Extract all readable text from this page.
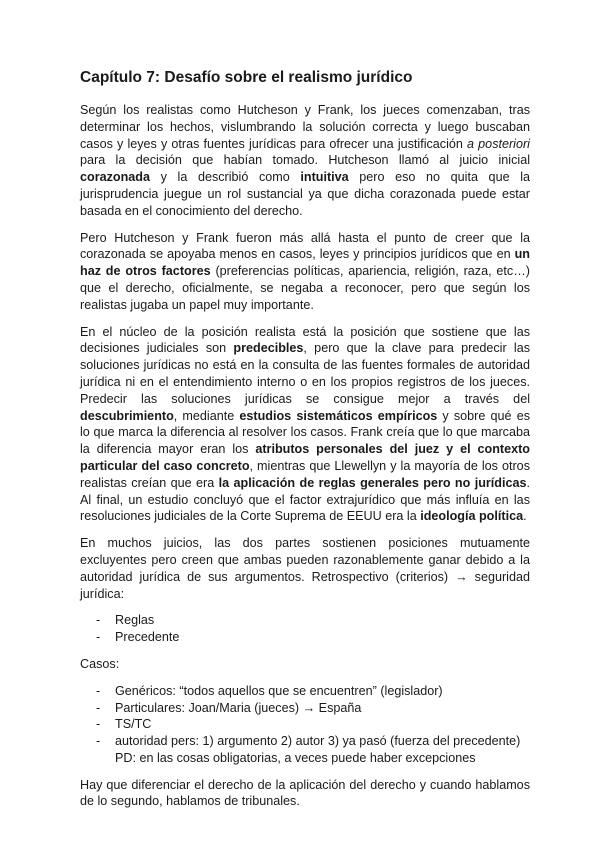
Capítulo 7: Desafío sobre el realismo jurídico

Según los realistas como Hutcheson y Frank, los jueces comenzaban, tras determinar los hechos, vislumbrando la solución correcta y luego buscaban casos y leyes y otras fuentes jurídicas para ofrecer una justificación a posteriori para la decisión que habían tomado. Hutcheson llamó al juicio inicial corazonada y la describió como intuitiva pero eso no quita que la jurisprudencia juegue un rol sustancial ya que dicha corazonada puede estar basada en el conocimiento del derecho.

Pero Hutcheson y Frank fueron más allá hasta el punto de creer que la corazonada se apoyaba menos en casos, leyes y principios jurídicos que en un haz de otros factores (preferencias políticas, apariencia, religión, raza, etc…) que el derecho, oficialmente, se negaba a reconocer, pero que según los realistas jugaba un papel muy importante.

En el núcleo de la posición realista está la posición que sostiene que las decisiones judiciales son predecibles, pero que la clave para predecir las soluciones jurídicas no está en la consulta de las fuentes formales de autoridad jurídica ni en el entendimiento interno o en los propios registros de los jueces. Predecir las soluciones jurídicas se consigue mejor a través del descubrimiento, mediante estudios sistemáticos empíricos y sobre qué es lo que marca la diferencia al resolver los casos. Frank creía que lo que marcaba la diferencia mayor eran los atributos personales del juez y el contexto particular del caso concreto, mientras que Llewellyn y la mayoría de los otros realistas creían que era la aplicación de reglas generales pero no jurídicas. Al final, un estudio concluyó que el factor extrajurídico que más influía en las resoluciones judiciales de la Corte Suprema de EEUU era la ideología política.

En muchos juicios, las dos partes sostienen posiciones mutuamente excluyentes pero creen que ambas pueden razonablemente ganar debido a la autoridad jurídica de sus argumentos. Retrospectivo (criterios) → seguridad jurídica:

- Reglas
- Precedente
Casos:
- Genéricos: “todos aquellos que se encuentren” (legislador)
- Particulares: Joan/Maria (jueces) → España
- TS/TC
- autoridad pers: 1) argumento 2) autor 3) ya pasó (fuerza del precedente) PD: en las cosas obligatorias, a veces puede haber excepciones

Hay que diferenciar el derecho de la aplicación del derecho y cuando hablamos de lo segundo, hablamos de tribunales.
